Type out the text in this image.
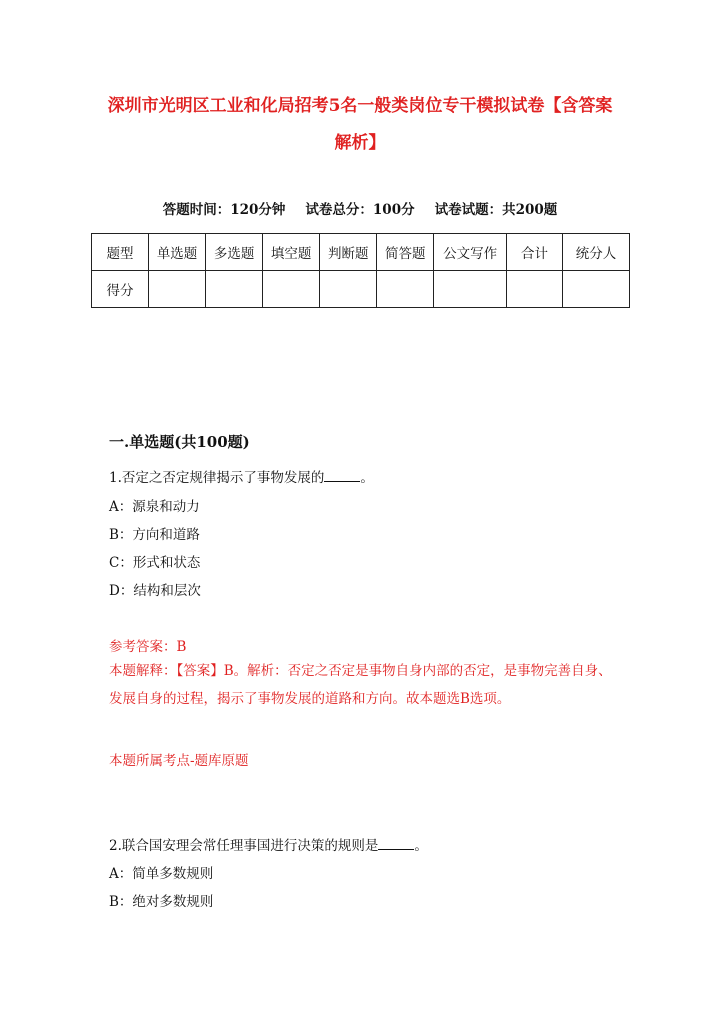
深圳市光明区工业和化局招考5名一般类岗位专干模拟试卷【含答案解析】
答题时间：120分钟 试卷总分：100分 试卷试题：共200题
题型	单选题	多选题	填空题	判断题	简答题	公文写作	合计	统分人
得分								
一.单选题(共100题)
1.否定之否定规律揭示了事物发展的	。
A：源泉和动力
B：方向和道路
C：形式和状态
D：结构和层次
参考答案：B
本题解释：【答案】B。解析：否定之否定是事物自身内部的否定，是事物完善自身、发展自身的过程，揭示了事物发展的道路和方向。故本题选B选项。
本题所属考点-题库原题
2.联合国安理会常任理事国进行决策的规则是	。
A：简单多数规则
B：绝对多数规则
